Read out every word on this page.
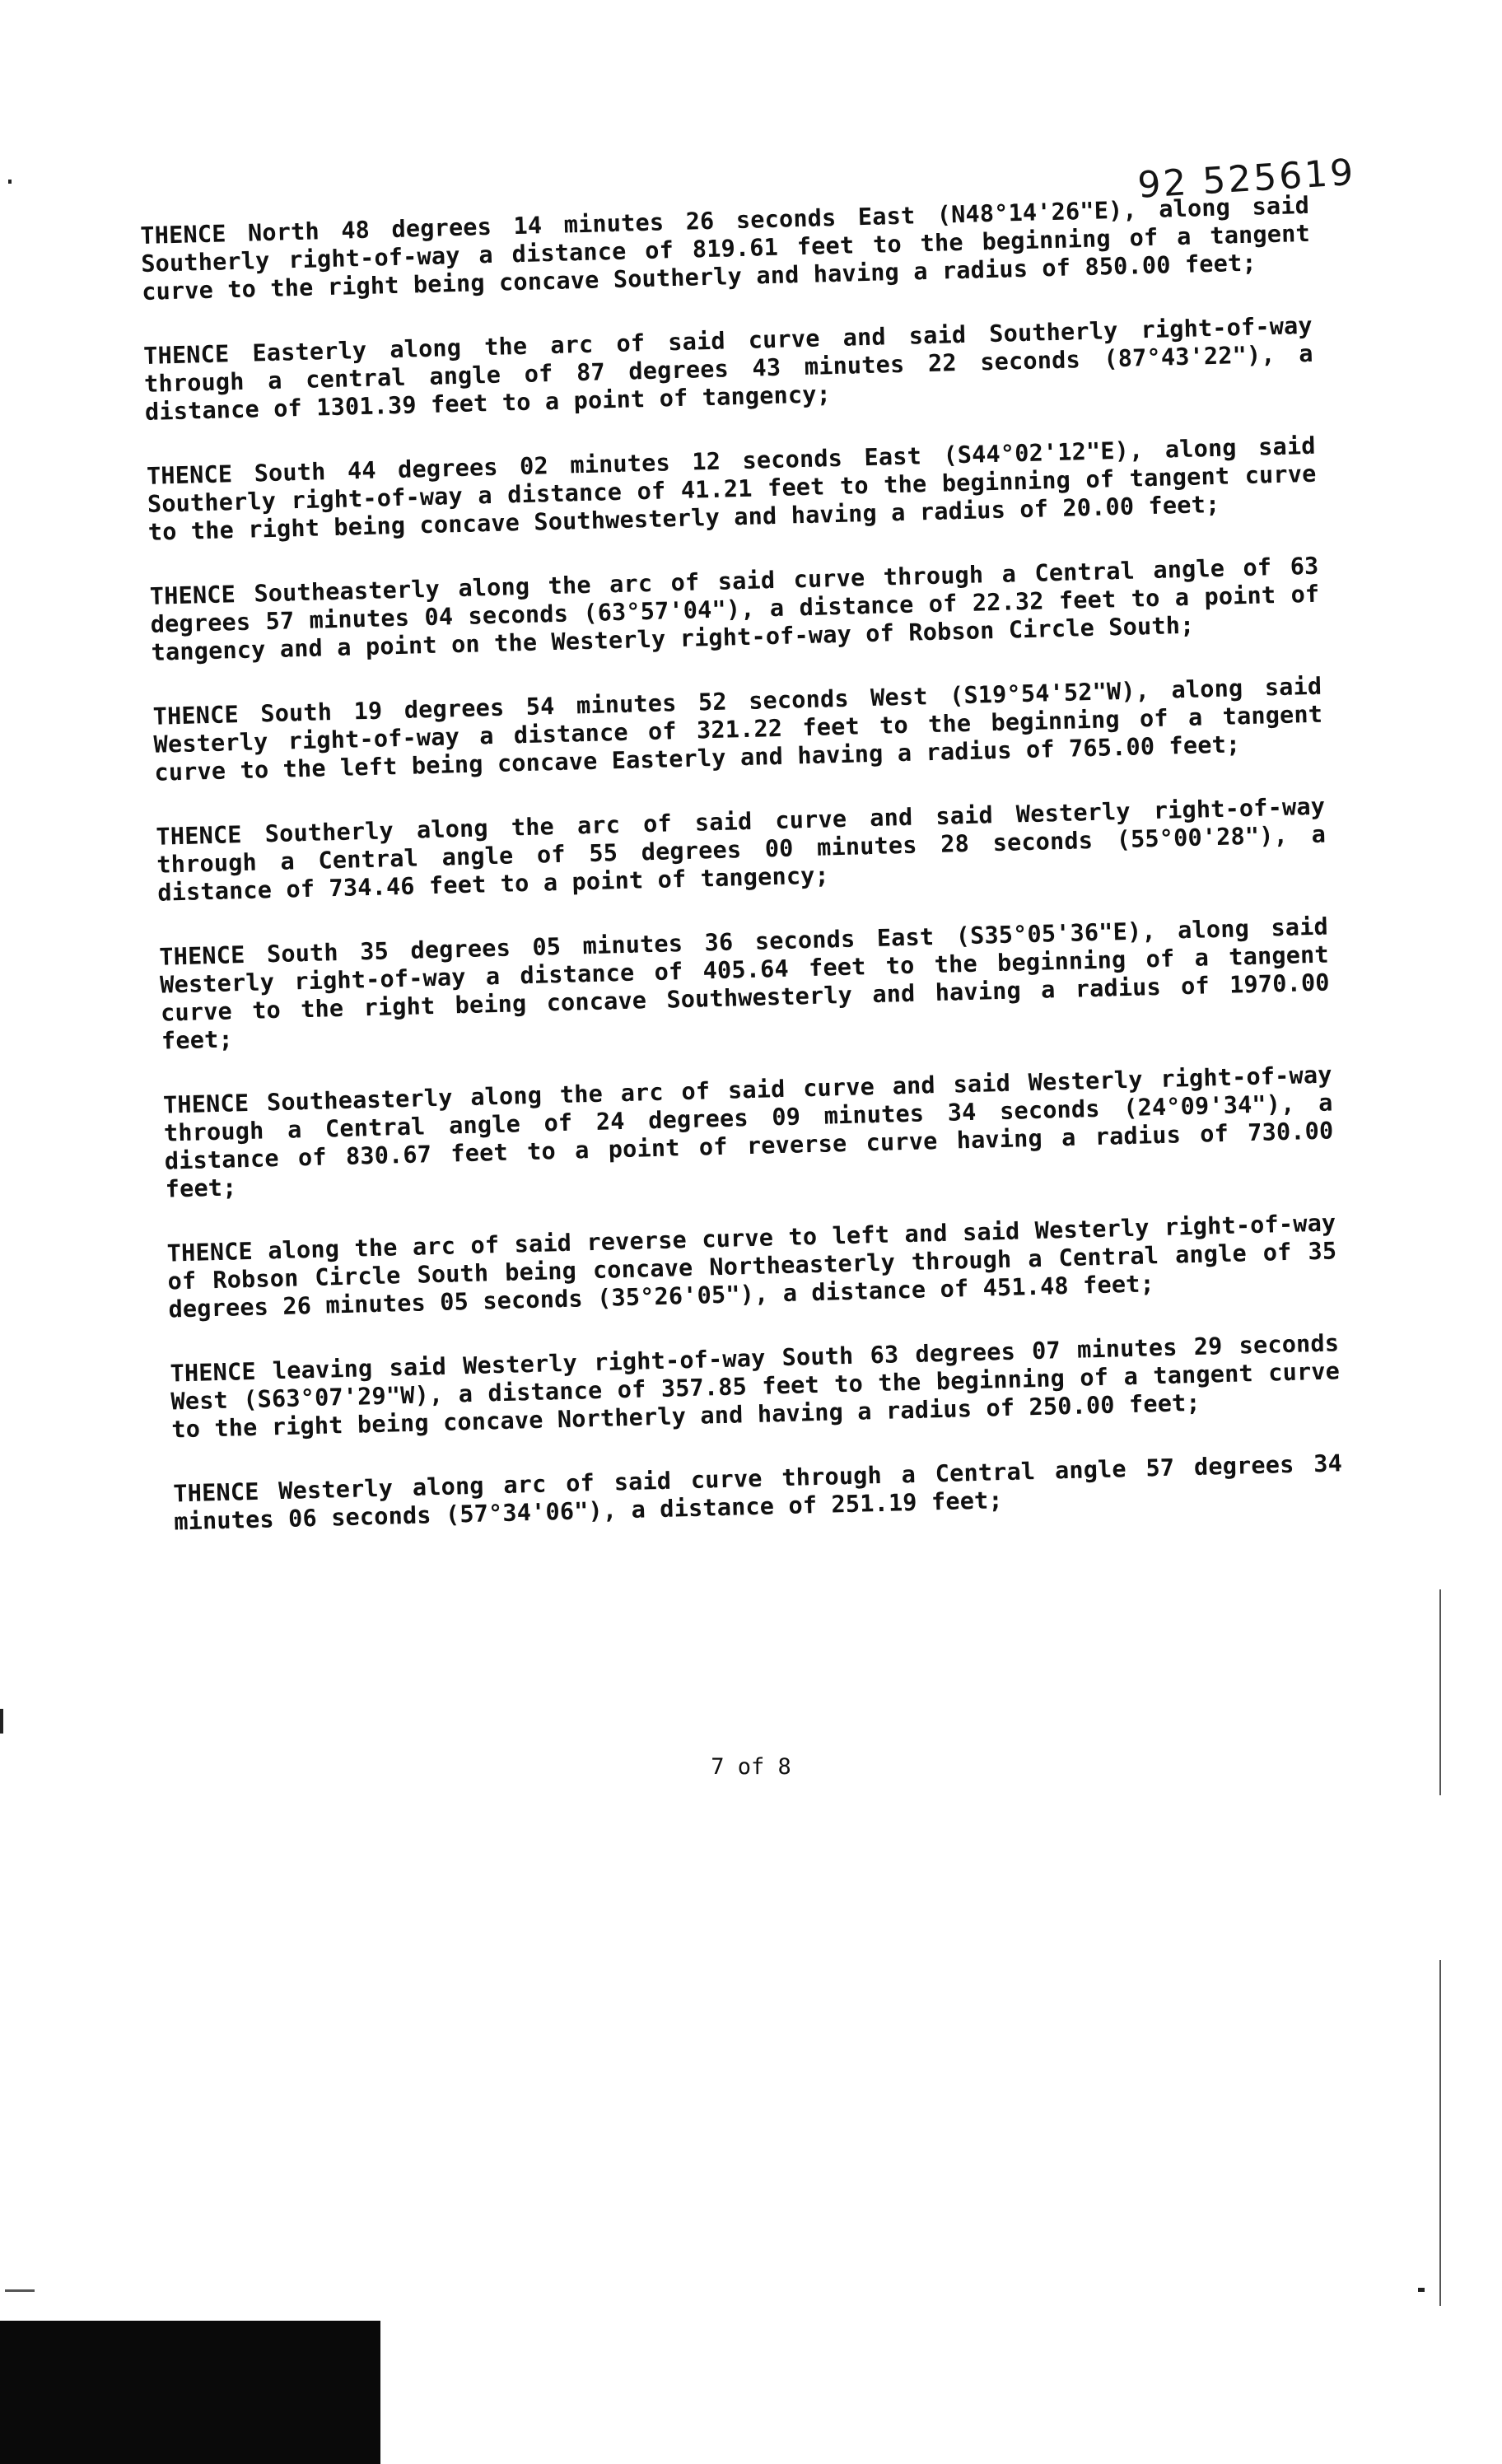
92 525619

THENCE North 48 degrees 14 minutes 26 seconds East (N48°14'26"E), along said Southerly right-of-way a distance of 819.61 feet to the beginning of a tangent curve to the right being concave Southerly and having a radius of 850.00 feet;

THENCE Easterly along the arc of said curve and said Southerly right-of-way through a central angle of 87 degrees 43 minutes 22 seconds (87°43'22"), a distance of 1301.39 feet to a point of tangency;

THENCE South 44 degrees 02 minutes 12 seconds East (S44°02'12"E), along said Southerly right-of-way a distance of 41.21 feet to the beginning of tangent curve to the right being concave Southwesterly and having a radius of 20.00 feet;

THENCE Southeasterly along the arc of said curve through a Central angle of 63 degrees 57 minutes 04 seconds (63°57'04"), a distance of 22.32 feet to a point of tangency and a point on the Westerly right-of-way of Robson Circle South;

THENCE South 19 degrees 54 minutes 52 seconds West (S19°54'52"W), along said Westerly right-of-way a distance of 321.22 feet to the beginning of a tangent curve to the left being concave Easterly and having a radius of 765.00 feet;

THENCE Southerly along the arc of said curve and said Westerly right-of-way through a Central angle of 55 degrees 00 minutes 28 seconds (55°00'28"), a distance of 734.46 feet to a point of tangency;

THENCE South 35 degrees 05 minutes 36 seconds East (S35°05'36"E), along said Westerly right-of-way a distance of 405.64 feet to the beginning of a tangent curve to the right being concave Southwesterly and having a radius of 1970.00 feet;

THENCE Southeasterly along the arc of said curve and said Westerly right-of-way through a Central angle of 24 degrees 09 minutes 34 seconds (24°09'34"), a distance of 830.67 feet to a point of reverse curve having a radius of 730.00 feet;

THENCE along the arc of said reverse curve to left and said Westerly right-of-way of Robson Circle South being concave Northeasterly through a Central angle of 35 degrees 26 minutes 05 seconds (35°26'05"), a distance of 451.48 feet;

THENCE leaving said Westerly right-of-way South 63 degrees 07 minutes 29 seconds West (S63°07'29"W), a distance of 357.85 feet to the beginning of a tangent curve to the right being concave Northerly and having a radius of 250.00 feet;

THENCE Westerly along arc of said curve through a Central angle 57 degrees 34 minutes 06 seconds (57°34'06"), a distance of 251.19 feet;

7 of 8
